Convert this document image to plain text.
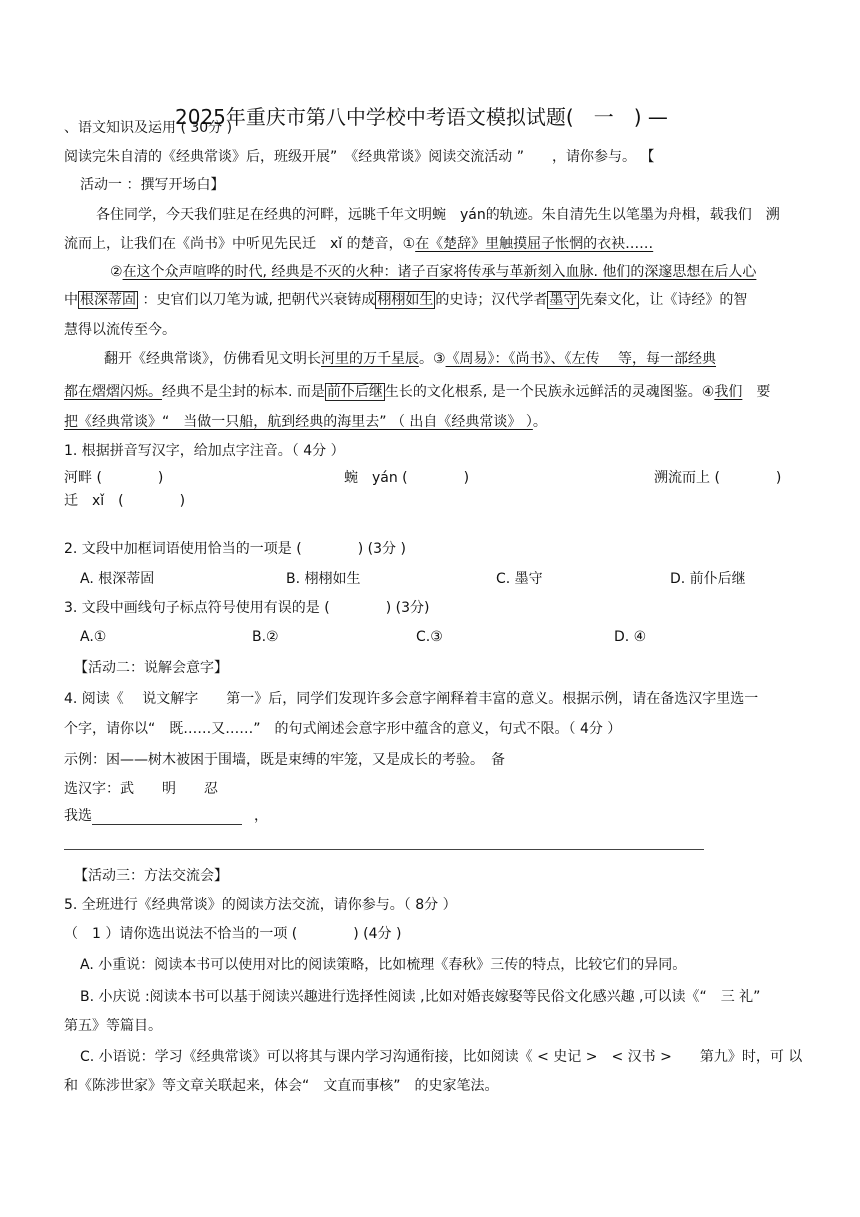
2025年重庆市第八中学校中考语文模拟试题(　一　) —
、语文知识及运用 ( 30分 )
阅读完朱自清的《经典常谈》后，班级开展”　《经典常谈》阅读交流活动 ”　　，请你参与。 【
活动一 ：撰写开场白】
各住同学，今天我们驻足在经典的河畔，远眺千年文明蜿　yán的轨迹。朱自清先生以笔墨为舟楫，载我们　溯
流而上，让我们在《尚书》中听见先民迁　xǐ 的楚音，①在《楚辞》里触摸屈子怅惘的衣袂……
②在这个众声喧哗的时代, 经典是不灭的火种：诸子百家将传承与革新刻入血脉. 他们的深邃思想在后人心
中 根深蒂固 ：史官们以刀笔为诚, 把朝代兴衰铸成 栩栩如生 的史诗；汉代学者 墨守 先秦文化，让《诗经》的智
慧得以流传至今。
翻开《经典常谈》，仿佛看见文明长河里的万千星辰。③《周易》：《尚书》、《左传　 等，每一部经典
都在熠熠闪烁。经典不是尘封的标本. 而是 前仆后继 生长的文化根系, 是一个民族永远鲜活的灵魂图鉴。④我们　要
把《经典常谈》“　当做一只船，航到经典的海里去” （ 出自《经典常谈》 ）。
1. 根据拼音写汉字，给加点字注音。（ 4分 ）
河畔 (　　　　)	蜿　yán (　　　　)	溯流而上 (　　　　)
迁　xǐ　(　　　　)
2. 文段中加框词语使用恰当的一项是 (　　　　) (3分 )
A. 根深蒂固	B. 栩栩如生	C. 墨守	D. 前仆后继
3. 文段中画线句子标点符号使用有误的是 (　　　　) (3分)
A.①	B.②	C.③	D. ④
【活动二：说解会意字】
4. 阅读《　 说文解字　　第一》后，同学们发现许多会意字阐释着丰富的意义。根据示例，请在备选汉字里选一
个字，请你以“　既……又……”　的句式阐述会意字形中蕴含的意义，句式不限。（ 4分 ）
示例：困——树木被困于围墙，既是束缚的牢笼，又是成长的考验。　备
选汉字：武　　明　　忍
我选	，
【活动三：方法交流会】
5. 全班进行《经典常谈》的阅读方法交流，请你参与。（ 8分 ）
（　1 ）请你选出说法不恰当的一项 (　　　　) (4分 )
A. 小重说：阅读本书可以使用对比的阅读策略，比如梳理《春秋》三传的特点，比较它们的异同。
B. 小庆说 :阅读本书可以基于阅读兴趣进行选择性阅读 ,比如对婚丧嫁娶等民俗文化感兴趣 ,可以读《“　三 礼”
第五》等篇目。
C. 小语说：学习《经典常谈》可以将其与课内学习沟通衔接，比如阅读《 < 史记 >　< 汉书 >　　第九》时，可 以
和《陈涉世家》等文章关联起来，体会“　文直而事核”　的史家笔法。
